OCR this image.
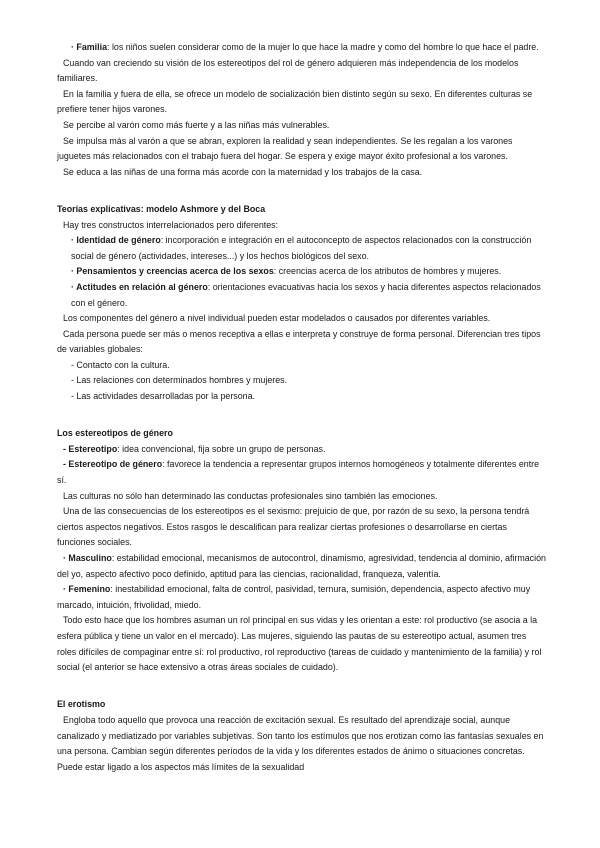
· Familia: los niños suelen considerar como de la mujer lo que hace la madre y como del hombre lo que hace el padre.

Cuando van creciendo su visión de los estereotipos del rol de género adquieren más independencia de los modelos familiares.

En la familia y fuera de ella, se ofrece un modelo de socialización bien distinto según su sexo. En diferentes culturas se prefiere tener hijos varones.

Se percibe al varón como más fuerte y a las niñas más vulnerables.

Se impulsa más al varón a que se abran, exploren la realidad y sean independientes. Se les regalan a los varones juguetes más relacionados con el trabajo fuera del hogar. Se espera y exige mayor éxito profesional a los varones.

Se educa a las niñas de una forma más acorde con la maternidad y los trabajos de la casa.

Teorías explicativas: modelo Ashmore y del Boca

Hay tres constructos interrelacionados pero diferentes:

· Identidad de género: incorporación e integración en el autoconcepto de aspectos relacionados con la construcción social de género (actividades, intereses...) y los hechos biológicos del sexo.

· Pensamientos y creencias acerca de los sexos: creencias acerca de los atributos de hombres y mujeres.

· Actitudes en relación al género: orientaciones evacuativas hacia los sexos y hacia diferentes aspectos relacionados con el género.

Los componentes del género a nivel individual pueden estar modelados o causados por diferentes variables.

Cada persona puede ser más o menos receptiva a ellas e interpreta y construye de forma personal. Diferencian tres tipos de variables globales:

- Contacto con la cultura.

- Las relaciones con determinados hombres y mujeres.

- Las actividades desarrolladas por la persona.

Los estereotipos de género

- Estereotipo: idea convencional, fija sobre un grupo de personas.

- Estereotipo de género: favorece la tendencia a representar grupos internos homogéneos y totalmente diferentes entre sí.

Las culturas no sólo han determinado las conductas profesionales sino también las emociones.

Una de las consecuencias de los estereotipos es el sexismo: prejuicio de que, por razón de su sexo, la persona tendrá ciertos aspectos negativos. Estos rasgos le descalifican para realizar ciertas profesiones o desarrollarse en ciertas funciones sociales.

· Masculino: estabilidad emocional, mecanismos de autocontrol, dinamismo, agresividad, tendencia al dominio, afirmación del yo, aspecto afectivo poco definido, aptitud para las ciencias, racionalidad, franqueza, valentía.

· Femenino: inestabilidad emocional, falta de control, pasividad, ternura, sumisión, dependencia, aspecto afectivo muy marcado, intuición, frivolidad, miedo.

Todo esto hace que los hombres asuman un rol principal en sus vidas y les orientan a este: rol productivo (se asocia a la esfera pública y tiene un valor en el mercado). Las mujeres, siguiendo las pautas de su estereotipo actual, asumen tres roles difíciles de compaginar entre sí: rol productivo, rol reproductivo (tareas de cuidado y mantenimiento de la familia) y rol social (el anterior se hace extensivo a otras áreas sociales de cuidado).

El erotismo

Engloba todo aquello que provoca una reacción de excitación sexual. Es resultado del aprendizaje social, aunque canalizado y mediatizado por variables subjetivas. Son tanto los estímulos que nos erotizan como las fantasías sexuales en una persona. Cambian según diferentes períodos de la vida y los diferentes estados de ánimo o situaciones concretas. Puede estar ligado a los aspectos más límites de la sexualidad
